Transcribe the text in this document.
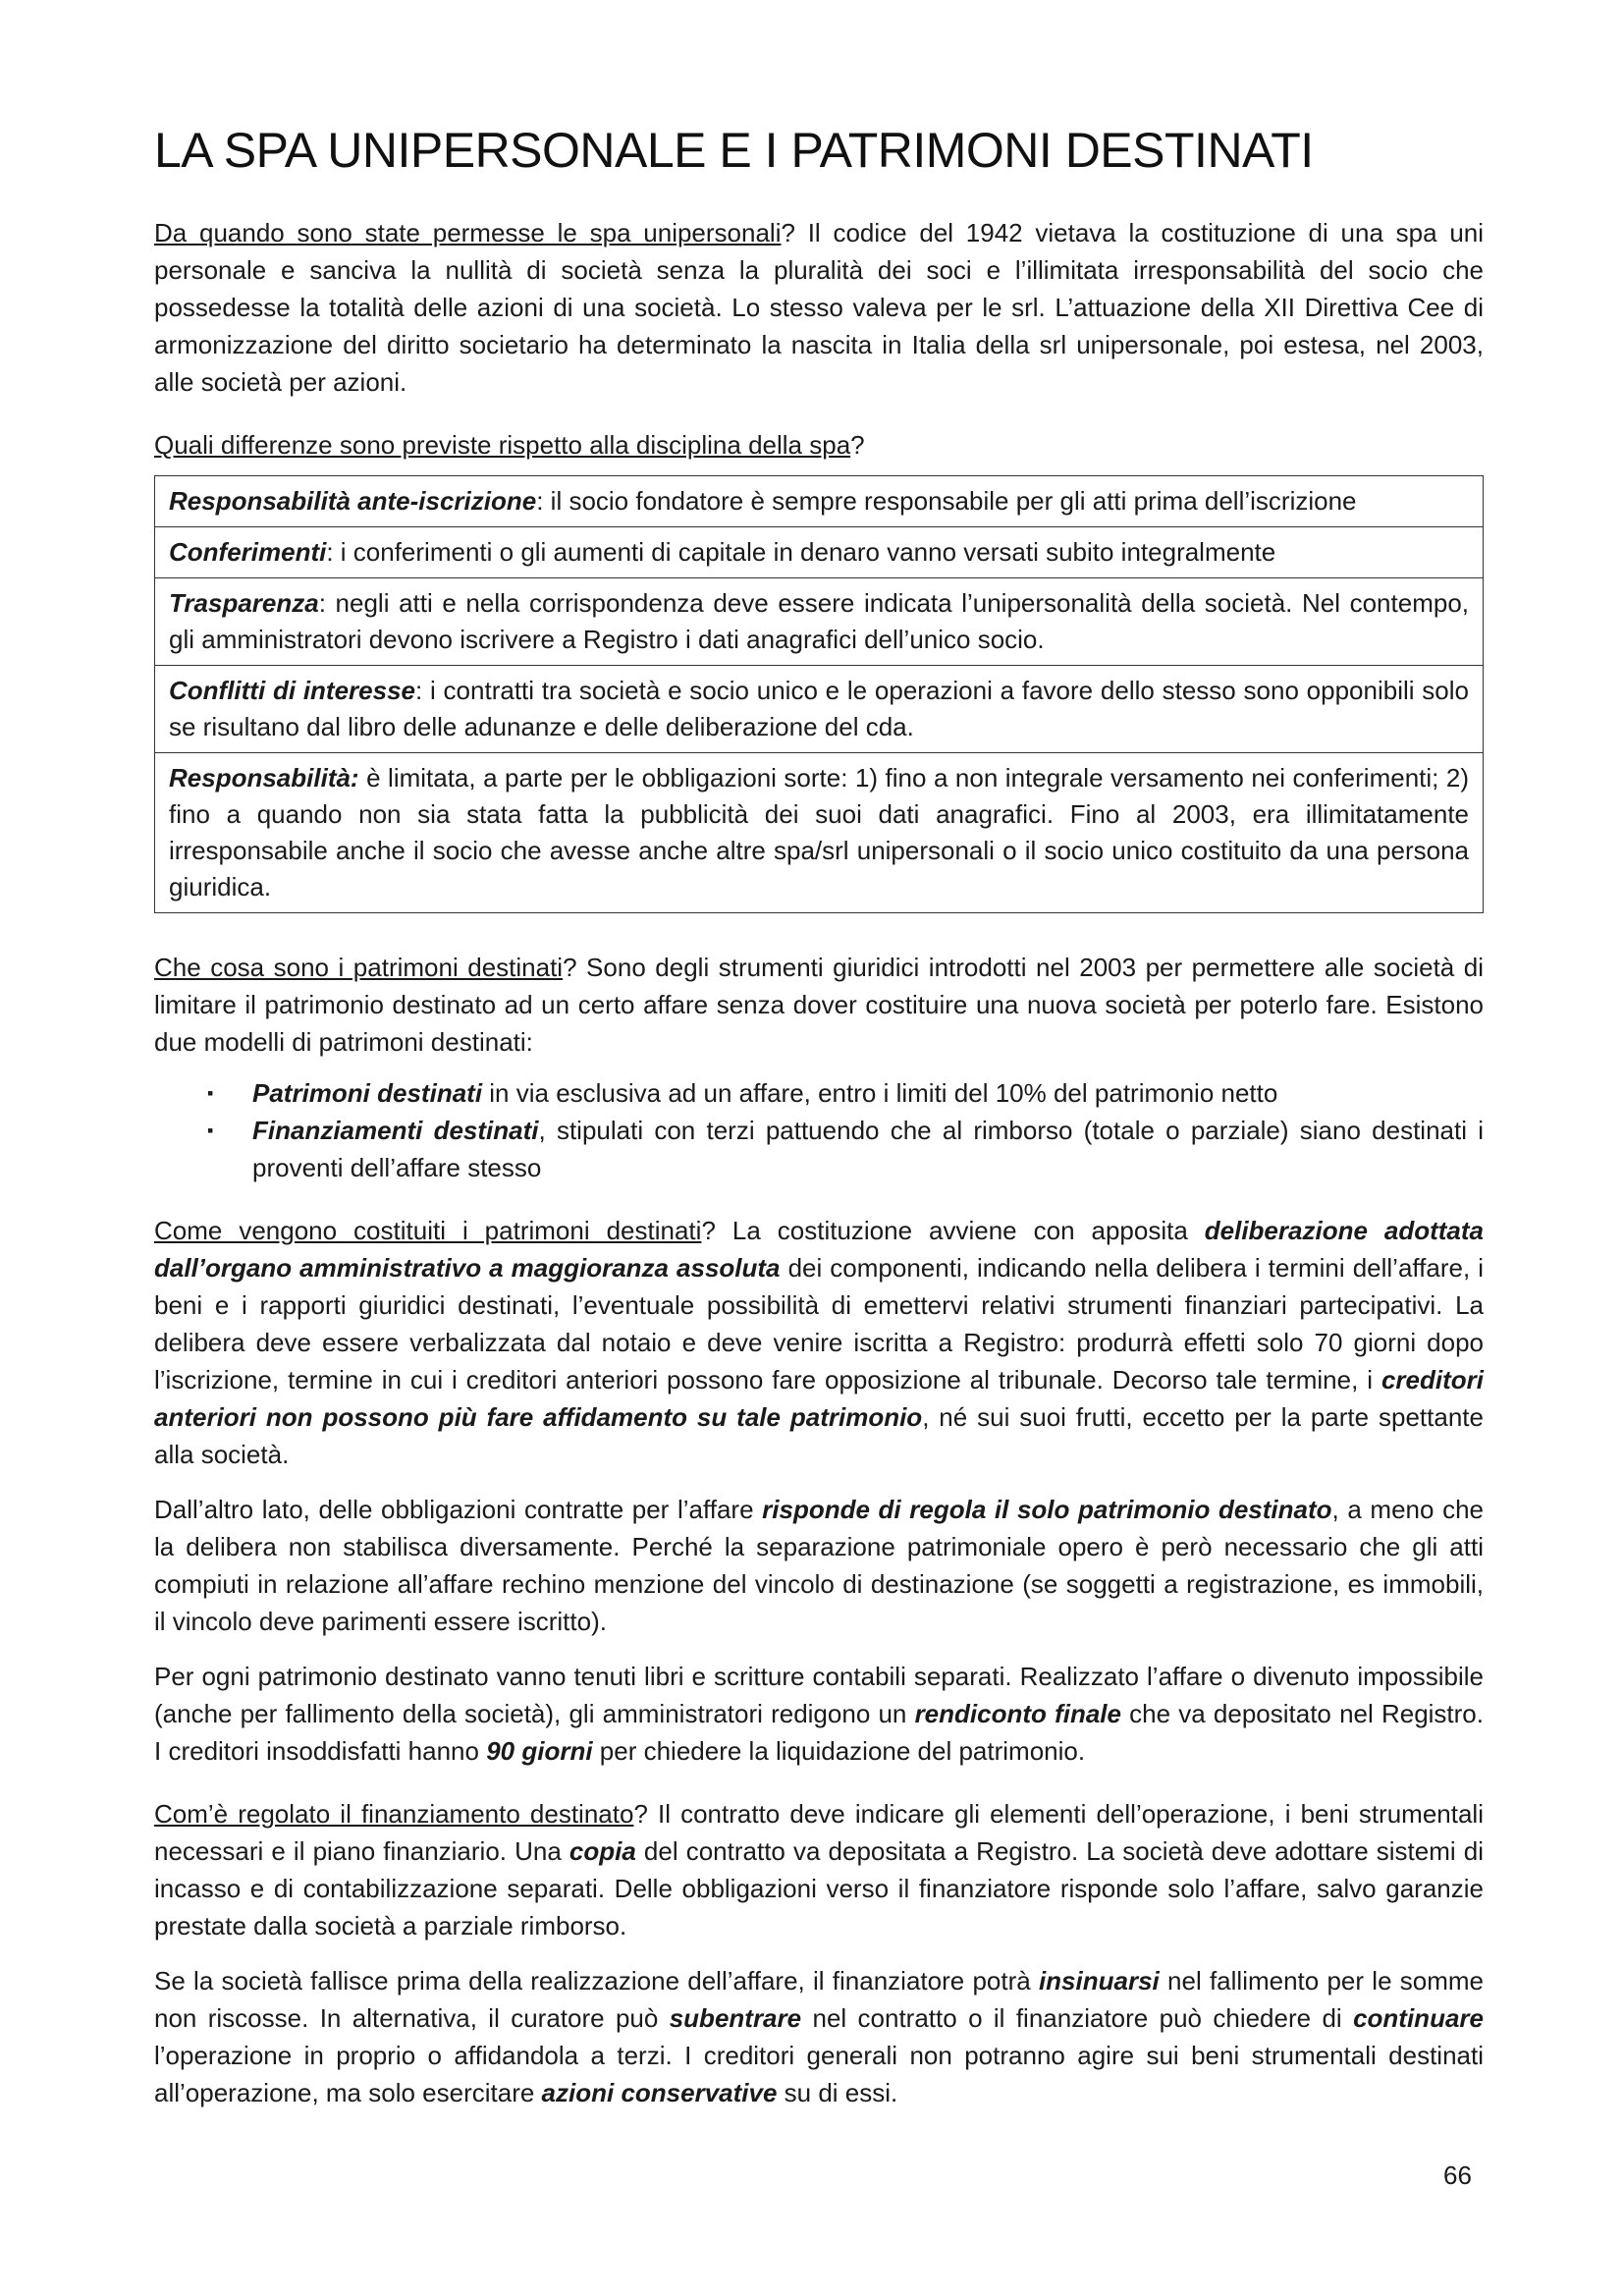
LA SPA UNIPERSONALE E I PATRIMONI DESTINATI

Da quando sono state permesse le spa unipersonali? Il codice del 1942 vietava la costituzione di una spa uni personale e sanciva la nullità di società senza la pluralità dei soci e l’illimitata irresponsabilità del socio che possedesse la totalità delle azioni di una società. Lo stesso valeva per le srl. L’attuazione della XII Direttiva Cee di armonizzazione del diritto societario ha determinato la nascita in Italia della srl unipersonale, poi estesa, nel 2003, alle società per azioni.

Quali differenze sono previste rispetto alla disciplina della spa?

Responsabilità ante-iscrizione: il socio fondatore è sempre responsabile per gli atti prima dell’iscrizione
Conferimenti: i conferimenti o gli aumenti di capitale in denaro vanno versati subito integralmente
Trasparenza: negli atti e nella corrispondenza deve essere indicata l’unipersonalità della società. Nel contempo, gli amministratori devono iscrivere a Registro i dati anagrafici dell’unico socio.
Conflitti di interesse: i contratti tra società e socio unico e le operazioni a favore dello stesso sono opponibili solo se risultano dal libro delle adunanze e delle deliberazione del cda.
Responsabilità: è limitata, a parte per le obbligazioni sorte: 1) fino a non integrale versamento nei conferimenti; 2) fino a quando non sia stata fatta la pubblicità dei suoi dati anagrafici. Fino al 2003, era illimitatamente irresponsabile anche il socio che avesse anche altre spa/srl unipersonali o il socio unico costituito da una persona giuridica.

Che cosa sono i patrimoni destinati? Sono degli strumenti giuridici introdotti nel 2003 per permettere alle società di limitare il patrimonio destinato ad un certo affare senza dover costituire una nuova società per poterlo fare. Esistono due modelli di patrimoni destinati:

▪ Patrimoni destinati in via esclusiva ad un affare, entro i limiti del 10% del patrimonio netto
▪ Finanziamenti destinati, stipulati con terzi pattuendo che al rimborso (totale o parziale) siano destinati i proventi dell’affare stesso

Come vengono costituiti i patrimoni destinati? La costituzione avviene con apposita deliberazione adottata dall’organo amministrativo a maggioranza assoluta dei componenti, indicando nella delibera i termini dell’affare, i beni e i rapporti giuridici destinati, l’eventuale possibilità di emettervi relativi strumenti finanziari partecipativi. La delibera deve essere verbalizzata dal notaio e deve venire iscritta a Registro: produrrà effetti solo 70 giorni dopo l’iscrizione, termine in cui i creditori anteriori possono fare opposizione al tribunale. Decorso tale termine, i creditori anteriori non possono più fare affidamento su tale patrimonio, né sui suoi frutti, eccetto per la parte spettante alla società.

Dall’altro lato, delle obbligazioni contratte per l’affare risponde di regola il solo patrimonio destinato, a meno che la delibera non stabilisca diversamente. Perché la separazione patrimoniale opero è però necessario che gli atti compiuti in relazione all’affare rechino menzione del vincolo di destinazione (se soggetti a registrazione, es immobili, il vincolo deve parimenti essere iscritto).

Per ogni patrimonio destinato vanno tenuti libri e scritture contabili separati. Realizzato l’affare o divenuto impossibile (anche per fallimento della società), gli amministratori redigono un rendiconto finale che va depositato nel Registro. I creditori insoddisfatti hanno 90 giorni per chiedere la liquidazione del patrimonio.

Com’è regolato il finanziamento destinato? Il contratto deve indicare gli elementi dell’operazione, i beni strumentali necessari e il piano finanziario. Una copia del contratto va depositata a Registro. La società deve adottare sistemi di incasso e di contabilizzazione separati. Delle obbligazioni verso il finanziatore risponde solo l’affare, salvo garanzie prestate dalla società a parziale rimborso.

Se la società fallisce prima della realizzazione dell’affare, il finanziatore potrà insinuarsi nel fallimento per le somme non riscosse. In alternativa, il curatore può subentrare nel contratto o il finanziatore può chiedere di continuare l’operazione in proprio o affidandola a terzi. I creditori generali non potranno agire sui beni strumentali destinati all’operazione, ma solo esercitare azioni conservative su di essi.

66
